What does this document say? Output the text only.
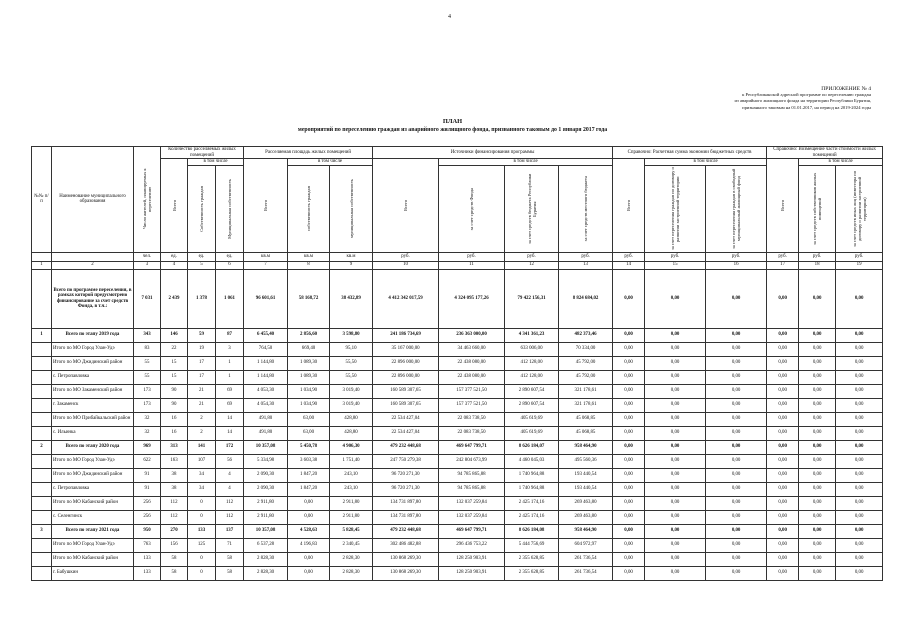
4
ПРИЛОЖЕНИЕ № 4
к Республиканской адресной программе по переселению граждан
из аварийного жилищного фонда на территории Республики Бурятия,
признанного таковым на 01.01.2017, на период на 2019-2024 годы
ПЛАН
мероприятий по переселению граждан из аварийного жилищного фонда, признанного таковым до 1 января 2017 года
№№ п/п	Наименование муниципального образования	Число жителей, планируемых к переселению	Количество расселяемых жилых помещений			Расселяемая площадь жилых помещений			Источники финансирования программы				Справочно: Расчетная сумма экономии бюджетных средств			Справочно: Возмещение части стоимости жилых помещений			

			Всего	в том числе		Всего	в том числе		Всего	в том числе			Всего	в том числе		Всего	в том числе		

				Собственность граждан	Муниципальная собственность		собственность граждан	муниципальная собственность		за счет средств Фонда	за счет средств бюджета Республики Бурятия	за счет средств местного бюджета		за счет переселения граждан по договору о развитии застроенной территории	за счет переселения граждан в свободный муниципальный жилищный фонд		за счет средств собственников жилых помещений	за счет средств иных лиц (инвестора по договору о развитии застроенной территории)	

		чел.	ед.	ед.	ед.	кв.м	кв.м	кв.м	руб.	руб.	руб.	руб.	руб.	руб.	руб.	руб.	руб.	руб.	
1	2	3	4	5	6	7	8	9	10	11	12	13	14	15	16	17	18	19	
	Всего по программе переселения, в рамках которой предусмотрено финансирование за счет средств Фонда, в т.ч.:	7 031	2 439	1 378	1 061	96 601,61	58 168,72	38 432,89	4 412 342 017,59	4 324 095 177,26	79 422 156,31	8 824 684,02	0,00	0,00	0,00	0,00	0,00	0,00	
1	Всего по этапу 2019 года	343	146	59	87	6 455,40	2 856,60	3 598,80	241 186 734,69	236 363 000,00	4 341 361,23	482 373,46	0,00	0,00	0,00	0,00	0,00	0,00	
	Итого по МО Город Улан-Удэ	83	22	19	3	764,50	669,40	95,10	35 167 000,00	34 463 660,00	633 006,00	70 334,00	0,00	0,00	0,00	0,00	0,00	0,00	
	Итого по МО Джидинский район	55	15	17	1	1 144,80	1 089,30	55,50	22 896 000,00	22 438 080,00	412 128,00	45 792,00	0,00	0,00	0,00	0,00	0,00	0,00	
	с. Петропавловка	55	15	17	1	1 144,80	1 089,30	55,50	22 896 000,00	22 438 080,00	412 128,00	45 792,00	0,00	0,00	0,00	0,00	0,00	0,00	
	Итого по МО Закаменский район	173	90	21	69	4 053,30	1 034,90	3 019,40	160 589 307,65	157 377 521,50	2 890 607,54	321 178,61	0,00	0,00	0,00	0,00	0,00	0,00	
	г. Закаменск	173	90	21	69	4 054,30	1 034,90	3 019,40	160 589 307,65	157 377 521,50	2 890 607,54	321 178,61	0,00	0,00	0,00	0,00	0,00	0,00	
	Итого по МО Прибайкальский район	32	16	2	14	491,80	63,00	428,80	22 534 427,04	22 083 738,50	405 619,69	45 068,85	0,00	0,00	0,00	0,00	0,00	0,00	
	с. Ильинка	32	16	2	14	491,80	63,00	428,80	22 534 427,04	22 083 738,50	405 619,69	45 068,85	0,00	0,00	0,00	0,00	0,00	0,00	
2	Всего по этапу 2020 года	969	313	141	172	10 357,08	5 450,78	4 906,30	479 232 448,68	469 647 799,71	8 626 184,07	958 464,90	0,00	0,00	0,00	0,00	0,00	0,00	
	Итого по МО Город Улан-Удэ	622	163	107	56	5 334,98	3 603,38	1 751,40	247 750 279,38	242 804 673,99	4 460 045,03	495 560,36	0,00	0,00	0,00	0,00	0,00	0,00	
	Итого по МО Джидинский район	91	38	34	4	2 090,30	1 847,20	243,10	96 720 271,30	94 785 865,88	1 740 964,88	193 440,54	0,00	0,00	0,00	0,00	0,00	0,00	
	с. Петропавловка	91	38	34	4	2 090,30	1 847,20	243,10	96 720 271,30	94 785 865,88	1 740 964,88	193 440,54	0,00	0,00	0,00	0,00	0,00	0,00	
	Итого по МО Кабанский район	256	112	0	112	2 911,80	0,00	2 911,80	134 731 897,80	132 037 259,84	2 425 174,16	269 463,80	0,00	0,00	0,00	0,00	0,00	0,00	
	с. Селенгинск	256	112	0	112	2 911,80	0,00	2 911,80	134 731 897,80	132 037 259,84	2 425 174,16	269 463,80	0,00	0,00	0,00	0,00	0,00	0,00	
3	Всего по этапу 2021 года	950	270	133	137	10 357,08	4 528,63	5 828,45	479 232 448,68	469 647 799,71	8 626 184,08	958 464,90	0,00	0,00	0,00	0,00	0,00	0,00	
	Итого по МО Город Улан-Удэ	763	156	125	71	6 537,28	4 196,83	2 340,45	302 486 482,88	296 436 753,22	5 444 756,69	604 972,97	0,00	0,00	0,00	0,00	0,00	0,00	
	Итого по МО Кабанский район	133	58	0	58	2 828,30	0,00	2 828,30	130 868 269,30	128 250 903,91	2 355 628,85	261 736,54	0,00	0,00	0,00	0,00	0,00	0,00	
	г. Бабушкин	133	58	0	58	2 828,30	0,00	2 828,30	130 868 269,30	128 250 903,91	2 355 628,85	261 736,54	0,00	0,00	0,00	0,00	0,00	0,00	
